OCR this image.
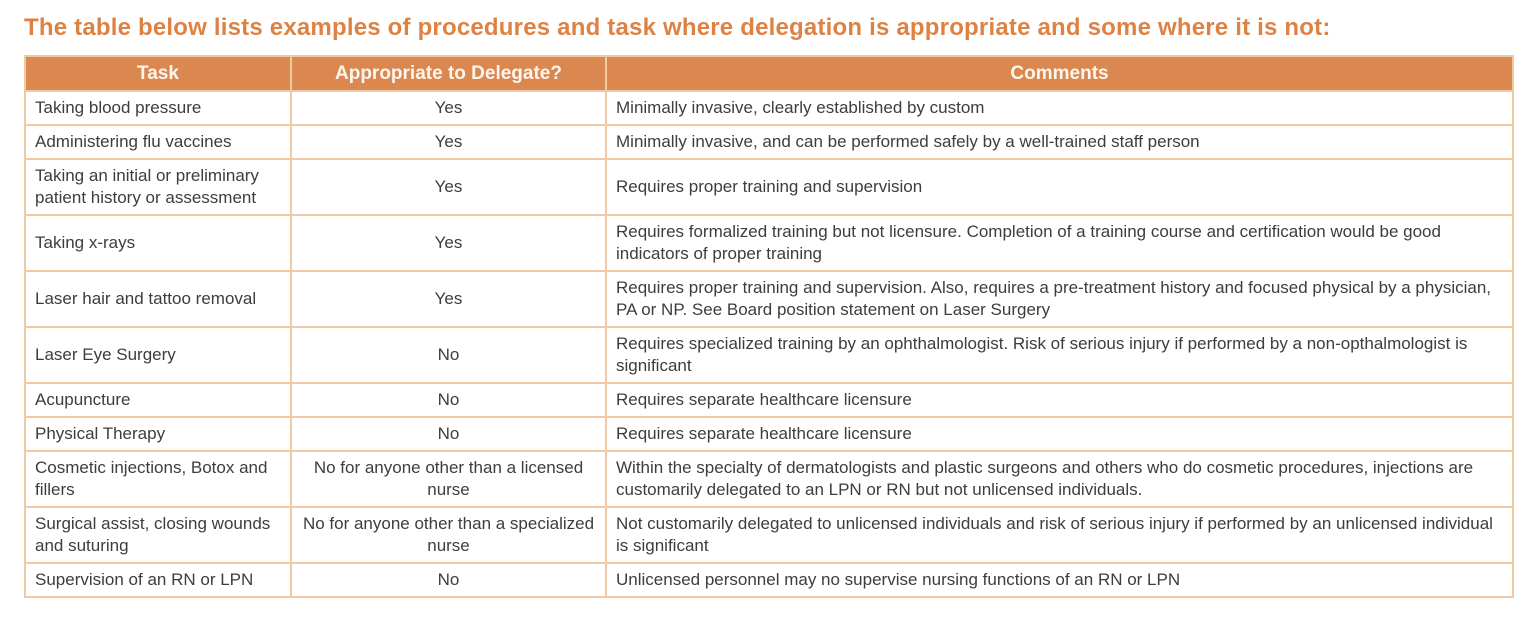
The table below lists examples of procedures and task where delegation is appropriate and some where it is not:
Task	Appropriate to Delegate?	Comments
Taking blood pressure	Yes	Minimally invasive, clearly established by custom
Administering flu vaccines	Yes	Minimally invasive, and can be performed safely by a well-trained staff person
Taking an initial or preliminary patient history or assessment	Yes	Requires proper training and supervision
Taking x-rays	Yes	Requires formalized training but not licensure. Completion of a training course and certification would be good indicators of proper training
Laser hair and tattoo removal	Yes	Requires proper training and supervision. Also, requires a pre-treatment history and focused physical by a physician, PA or NP. See Board position statement on Laser Surgery
Laser Eye Surgery	No	Requires specialized training by an ophthalmologist. Risk of serious injury if performed by a non-opthalmologist is significant
Acupuncture	No	Requires separate healthcare licensure
Physical Therapy	No	Requires separate healthcare licensure
Cosmetic injections, Botox and fillers	No for anyone other than a licensed nurse	Within the specialty of dermatologists and plastic surgeons and others who do cosmetic procedures, injections are customarily delegated to an LPN or RN but not unlicensed individuals.
Surgical assist, closing wounds and suturing	No for anyone other than a specialized nurse	Not customarily delegated to unlicensed individuals and risk of serious injury if performed by an unlicensed individual is significant
Supervision of an RN or LPN	No	Unlicensed personnel may no supervise nursing functions of an RN or LPN
